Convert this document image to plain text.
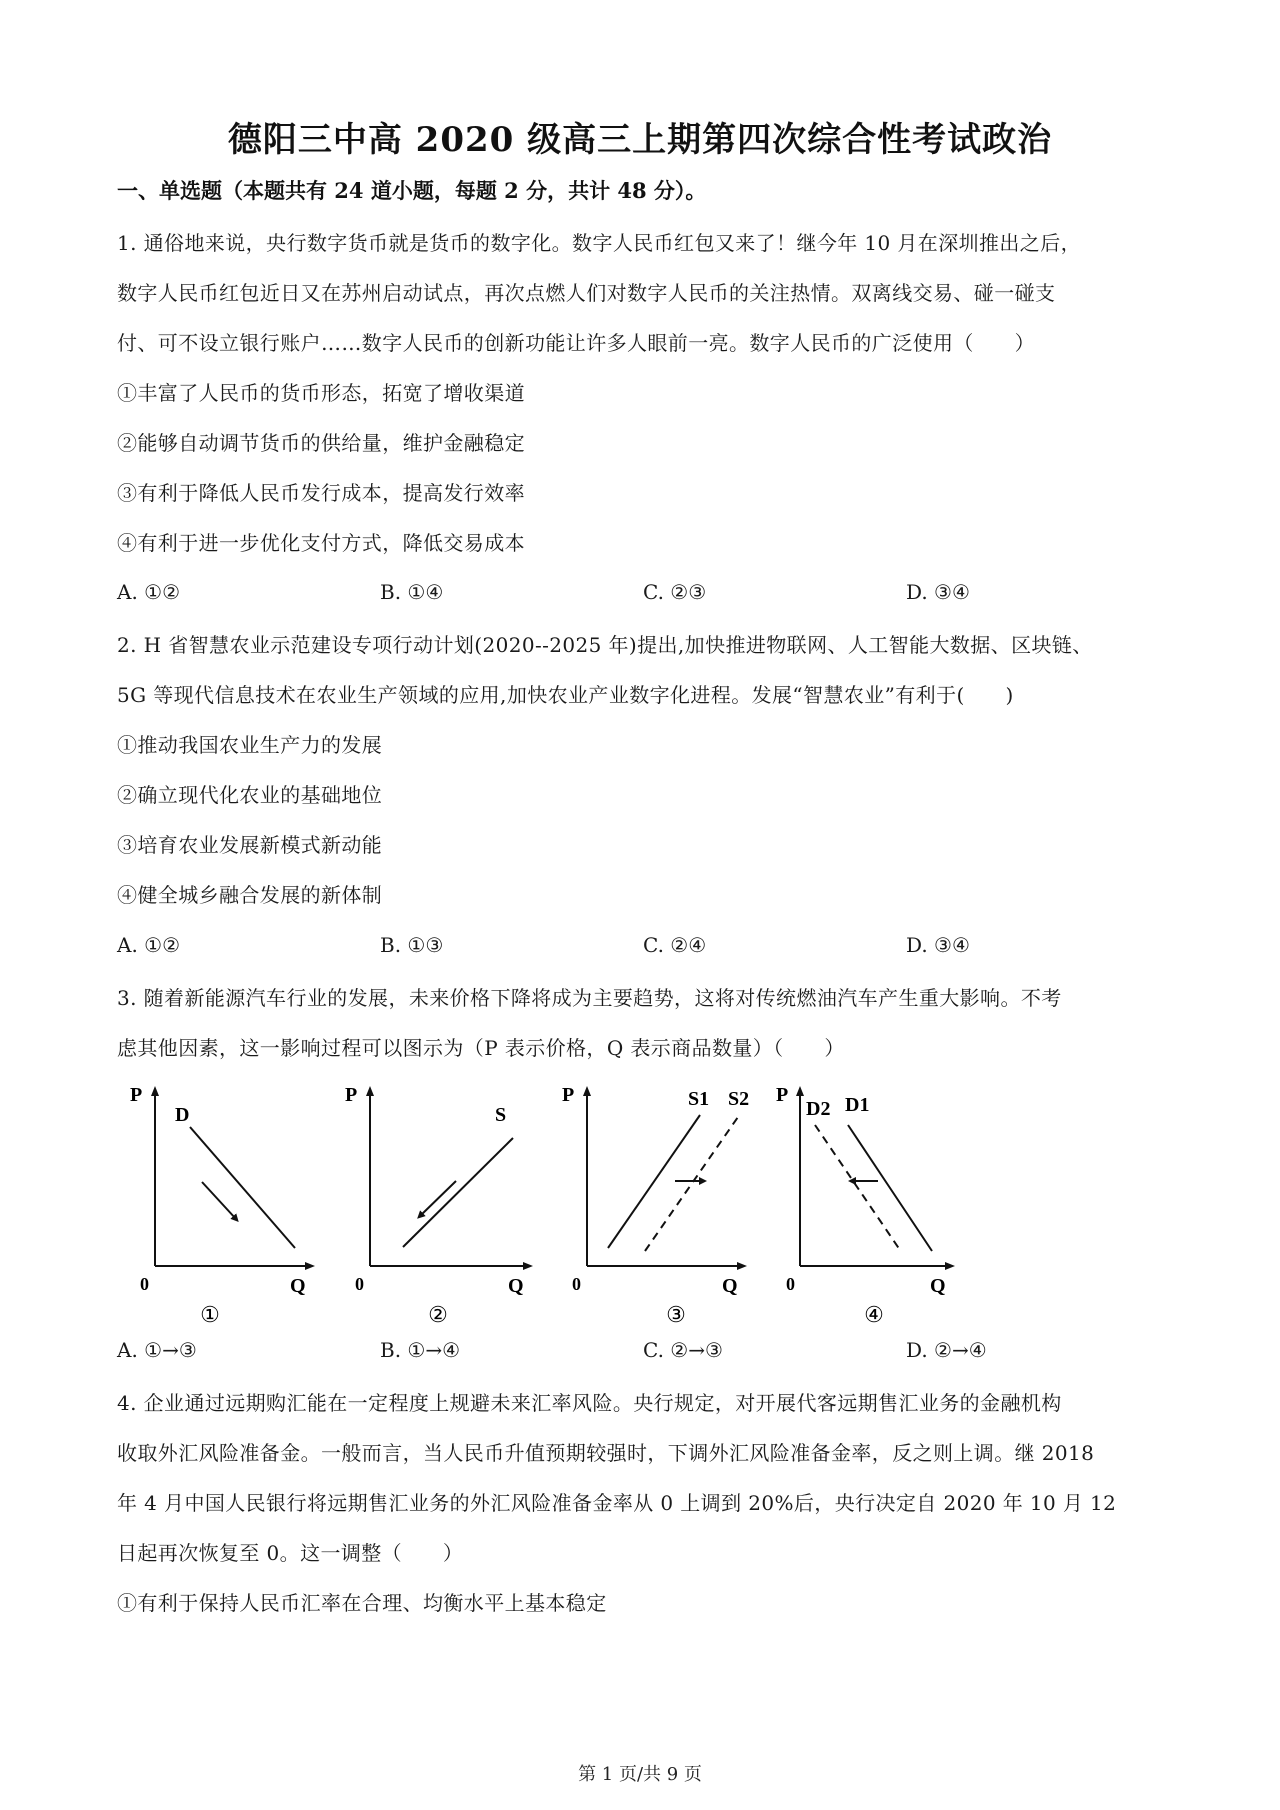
德阳三中高 2020 级高三上期第四次综合性考试政治
一、单选题（本题共有 24 道小题，每题 2 分，共计 48 分）。
1. 通俗地来说，央行数字货币就是货币的数字化。数字人民币红包又来了！继今年 10 月在深圳推出之后，
数字人民币红包近日又在苏州启动试点，再次点燃人们对数字人民币的关注热情。双离线交易、碰一碰支
付、可不设立银行账户……数字人民币的创新功能让许多人眼前一亮。数字人民币的广泛使用（　　）
①丰富了人民币的货币形态，拓宽了增收渠道
②能够自动调节货币的供给量，维护金融稳定
③有利于降低人民币发行成本，提高发行效率
④有利于进一步优化支付方式，降低交易成本
A. ①②	B. ①④	C. ②③	D. ③④
2. H 省智慧农业示范建设专项行动计划(2020--2025 年)提出,加快推进物联网、人工智能大数据、区块链、
5G 等现代信息技术在农业生产领域的应用,加快农业产业数字化进程。发展“智慧农业”有利于(　　)
①推动我国农业生产力的发展
②确立现代化农业的基础地位
③培育农业发展新模式新动能
④健全城乡融合发展的新体制
A. ①②	B. ①③	C. ②④	D. ③④
3. 随着新能源汽车行业的发展，未来价格下降将成为主要趋势，这将对传统燃油汽车产生重大影响。不考
虑其他因素，这一影响过程可以图示为（P 表示价格，Q 表示商品数量）（　　）
P
Q
0
D
①
P
Q
0
S
②
P
Q
0
S1 S2
③
P
Q
0
D2 D1
④
A. ①→③	B. ①→④	C. ②→③	D. ②→④
4. 企业通过远期购汇能在一定程度上规避未来汇率风险。央行规定，对开展代客远期售汇业务的金融机构
收取外汇风险准备金。一般而言，当人民币升值预期较强时，下调外汇风险准备金率，反之则上调。继 2018
年 4 月中国人民银行将远期售汇业务的外汇风险准备金率从 0 上调到 20%后，央行决定自 2020 年 10 月 12
日起再次恢复至 0。这一调整（　　）
①有利于保持人民币汇率在合理、均衡水平上基本稳定
第 1 页/共 9 页
